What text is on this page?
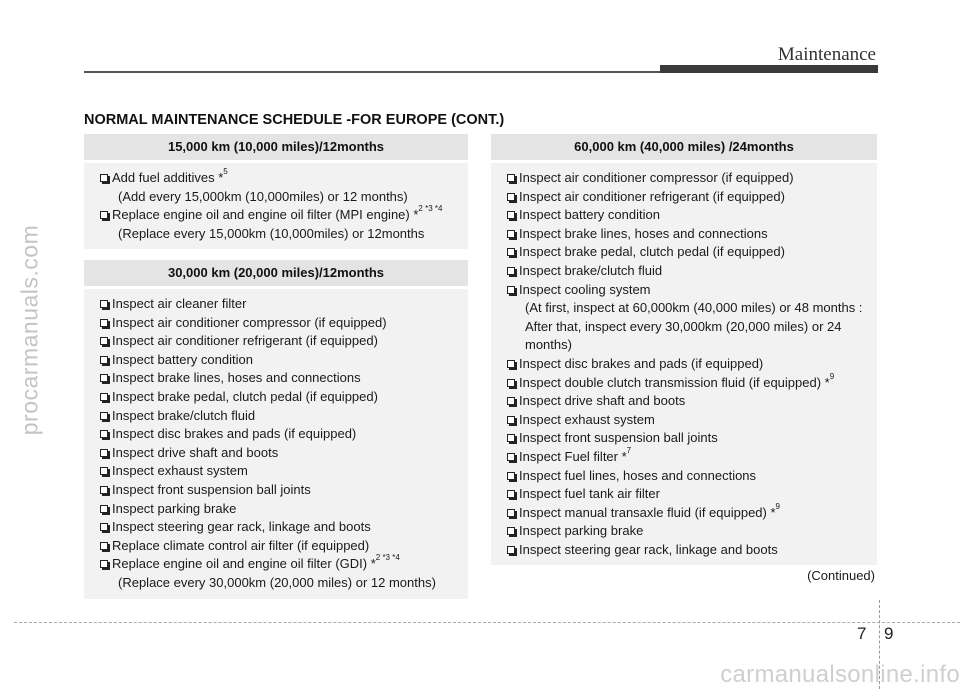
Maintenance
procarmanuals.com
NORMAL MAINTENANCE SCHEDULE -FOR EUROPE (CONT.)
15,000 km (10,000 miles)/12months
Add fuel additives *$^5$
(Add every 15,000km (10,000miles) or 12 months)
Replace engine oil and engine oil filter (MPI engine) *$^{2 *3 *4}$
(Replace every 15,000km (10,000miles) or 12months
30,000 km (20,000 miles)/12months
Inspect air cleaner filter
Inspect air conditioner compressor (if equipped)
Inspect air conditioner refrigerant (if equipped)
Inspect battery condition
Inspect brake lines, hoses and connections
Inspect brake pedal, clutch pedal (if equipped)
Inspect brake/clutch fluid
Inspect disc brakes and pads (if equipped)
Inspect drive shaft and boots
Inspect exhaust system
Inspect front suspension ball joints
Inspect parking brake
Inspect steering gear rack, linkage and boots
Replace climate control air filter (if equipped)
Replace engine oil and engine oil filter (GDI) *$^{2 *3 *4}$
(Replace every 30,000km (20,000 miles) or 12 months)
60,000 km (40,000 miles) /24months
Inspect air conditioner compressor (if equipped)
Inspect air conditioner refrigerant (if equipped)
Inspect battery condition
Inspect brake lines, hoses and connections
Inspect brake pedal, clutch pedal (if equipped)
Inspect brake/clutch fluid
Inspect cooling system
(At first, inspect at 60,000km (40,000 miles) or 48 months :
After that, inspect every 30,000km (20,000 miles) or 24
months)
Inspect disc brakes and pads (if equipped)
Inspect double clutch transmission fluid (if equipped) *$^9$
Inspect drive shaft and boots
Inspect exhaust system
Inspect front suspension ball joints
Inspect Fuel filter *$^7$
Inspect fuel lines, hoses and connections
Inspect fuel tank air filter
Inspect manual transaxle fluid (if equipped) *$^9$
Inspect parking brake
Inspect steering gear rack, linkage and boots
(Continued)
7 9
carmanualsonline.info
